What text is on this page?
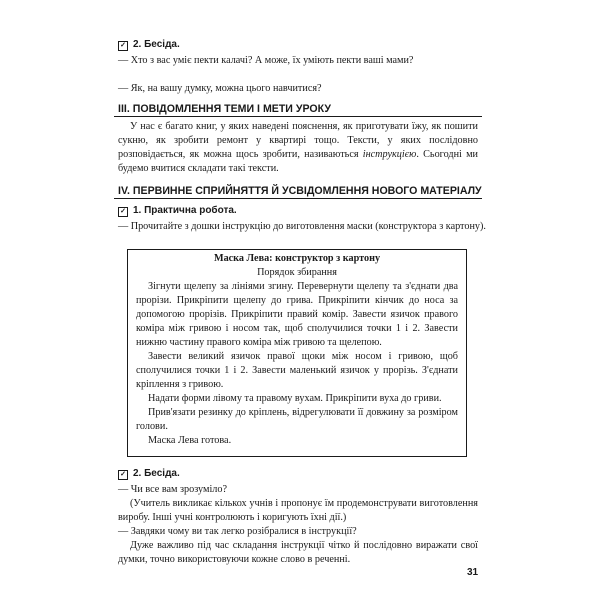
✓ 2. Бесіда.

— Хто з вас уміє пекти калачі? А може, їх уміють пекти ваші мами?

— Як, на вашу думку, можна цього навчитися?

III. ПОВІДОМЛЕННЯ ТЕМИ І МЕТИ УРОКУ

У нас є багато книг, у яких наведені пояснення, як приготувати їжу, як пошити сукню, як зробити ремонт у квартирі тощо. Тексти, у яких послідовно розповідається, як можна щось зробити, називаються інструкцією. Сьогодні ми будемо вчитися складати такі тексти.

IV. ПЕРВИННЕ СПРИЙНЯТТЯ Й УСВІДОМЛЕННЯ НОВОГО МАТЕРІАЛУ

✓ 1. Практична робота.

— Прочитайте з дошки інструкцію до виготовлення маски (конструктора з картону).

Маска Лева: конструктор з картону

Порядок збирання

Зігнути щелепу за лініями згину. Перевернути щелепу та з'єднати два прорізи. Прикріпити щелепу до грива. Прикріпити кінчик до носа за допомогою прорізів. Прикріпити правий комір. Завести язичок правого коміра між гривою і носом так, щоб сполучилися точки 1 і 2. Завести нижню частину правого коміра між гривою та щелепою.

Завести великий язичок правої щоки між носом і гривою, щоб сполучилися точки 1 і 2. Завести маленький язичок у прорізь. З'єднати кріплення з гривою.

Надати форми лівому та правому вухам. Прикріпити вуха до гриви.

Прив'язати резинку до кріплень, відрегулювати її довжину за розміром голови.

Маска Лева готова.

✓ 2. Бесіда.

— Чи все вам зрозуміло?

(Учитель викликає кількох учнів і пропонує їм продемонструвати виготовлення виробу. Інші учні контролюють і коригують їхні дії.)

— Завдяки чому ви так легко розібралися в інструкції?

Дуже важливо під час складання інструкції чітко й послідовно виражати свої думки, точно використовуючи кожне слово в реченні.

31
